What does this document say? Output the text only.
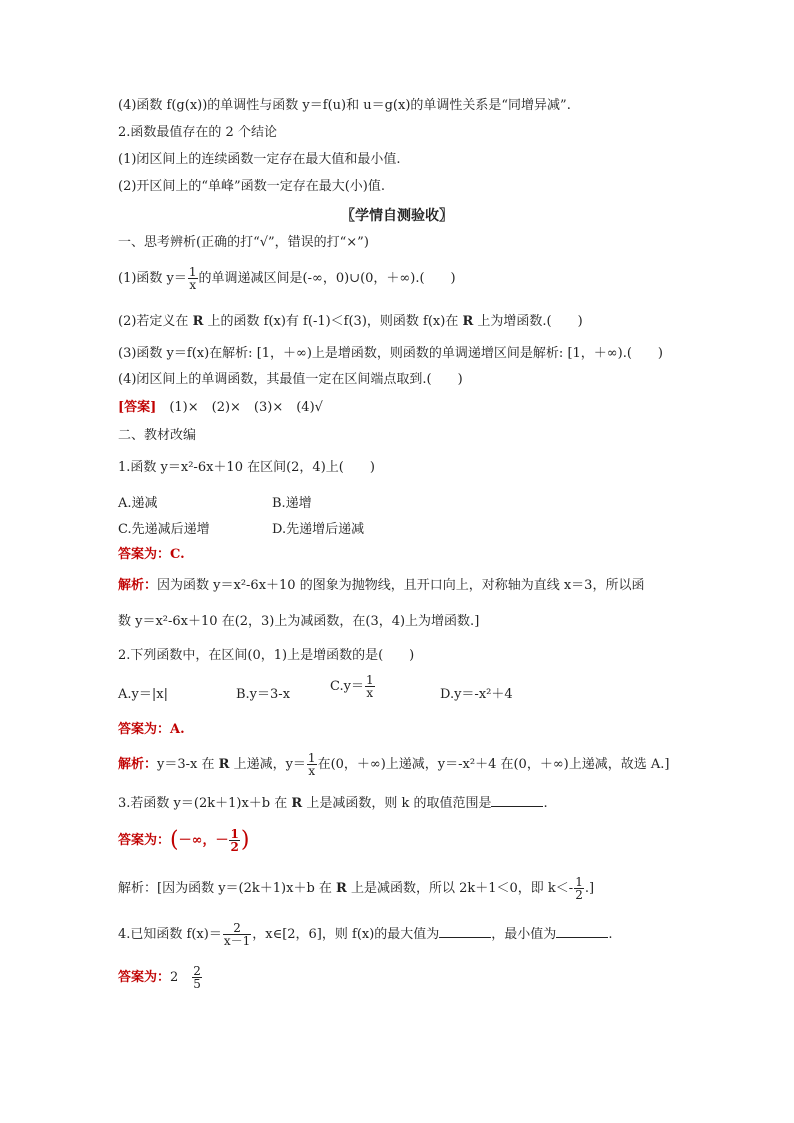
(4)函数 f(g(x))的单调性与函数 y＝f(u)和 u＝g(x)的单调性关系是“同增异减”.
2.函数最值存在的 2 个结论
(1)闭区间上的连续函数一定存在最大值和最小值.
(2)开区间上的“单峰”函数一定存在最大(小)值.
〖学情自测验收〗
一、思考辨析(正确的打“√”，错误的打“×”)
(1)函数 $y= \frac{1}{x}$ 的单调递减区间是(-∞，0)∪(0，＋∞).(　　)
(2)若定义在 R 上的函数 f(x)有 f(-1)＜f(3)，则函数 f(x)在 R 上为增函数.(　　)
(3)函数 y＝f(x)在解析: [1，＋∞)上是增函数，则函数的单调递增区间是解析: [1，＋∞).(　　)
(4)闭区间上的单调函数，其最值一定在区间端点取到.(　　)
[答案]　(1)×　(2)×　(3)×　(4)√
二、教材改编
1.函数 y＝x²-6x＋10 在区间(2，4)上(　　)
A.递减	B.递增
C.先递减后递增	D.先递增后递减
答案为：C.
解析：因为函数 y＝x²-6x＋10 的图象为抛物线，且开口向上，对称轴为直线 x＝3，所以函
数 y＝x²-6x＋10 在(2，3)上为减函数，在(3，4)上为增函数.]
2.下列函数中，在区间(0，1)上是增函数的是(　　)
A.y＝|x|	B.y＝3-x
$C.y= \frac{1}{x}$	D.y＝-x²＋4
答案为：A.
解析：y＝3-x 在 R 上递减，$y= \frac{1}{x}$ 在(0，＋∞)上递减，y＝-x²＋4 在(0，＋∞)上递减，故选 A.]
3.若函数 y＝(2k＋1)x＋b 在 R 上是减函数，则 k 的取值范围是	.
答案为：(－∞，－ $\frac{1}{2}$ )
解析：[因为函数 y＝(2k＋1)x＋b 在 R 上是减函数，所以 2k＋1＜0，即 $k<- \frac{1}{2}$ .]
4.已知函数 $f(x)= \frac{2}{x-1}$ ，x∈[2，6]，则 f(x)的最大值为	，最小值为	.
答案为：2　 $\frac{2}{5}$
